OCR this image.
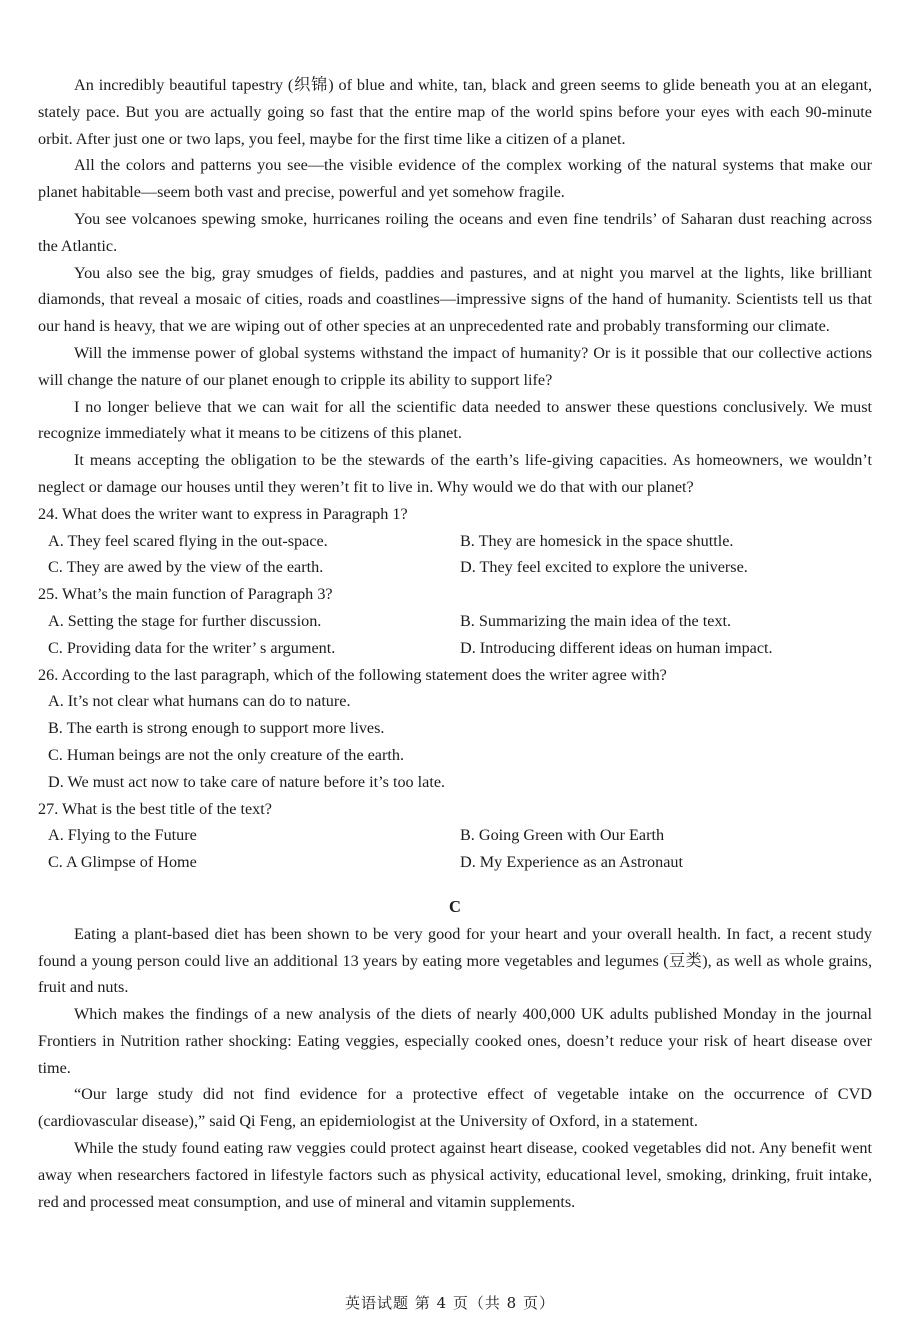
An incredibly beautiful tapestry (织锦) of blue and white, tan, black and green seems to glide beneath you at an elegant, stately pace. But you are actually going so fast that the entire map of the world spins before your eyes with each 90-minute orbit. After just one or two laps, you feel, maybe for the first time like a citizen of a planet.

All the colors and patterns you see—the visible evidence of the complex working of the natural systems that make our planet habitable—seem both vast and precise, powerful and yet somehow fragile.

You see volcanoes spewing smoke, hurricanes roiling the oceans and even fine tendrils’ of Saharan dust reaching across the Atlantic.

You also see the big, gray smudges of fields, paddies and pastures, and at night you marvel at the lights, like brilliant diamonds, that reveal a mosaic of cities, roads and coastlines—impressive signs of the hand of humanity. Scientists tell us that our hand is heavy, that we are wiping out of other species at an unprecedented rate and probably transforming our climate.

Will the immense power of global systems withstand the impact of humanity? Or is it possible that our collective actions will change the nature of our planet enough to cripple its ability to support life?

I no longer believe that we can wait for all the scientific data needed to answer these questions conclusively. We must recognize immediately what it means to be citizens of this planet.

It means accepting the obligation to be the stewards of the earth’s life-giving capacities. As homeowners, we wouldn’t neglect or damage our houses until they weren’t fit to live in. Why would we do that with our planet?

24. What does the writer want to express in Paragraph 1?

A. They feel scared flying in the out-space.	B. They are homesick in the space shuttle.
C. They are awed by the view of the earth.	D. They feel excited to explore the universe.

25. What’s the main function of Paragraph 3?

A. Setting the stage for further discussion.	B. Summarizing the main idea of the text.
C. Providing data for the writer’ s argument.	D. Introducing different ideas on human impact.

26. According to the last paragraph, which of the following statement does the writer agree with?

A. It’s not clear what humans can do to nature.

B. The earth is strong enough to support more lives.

C. Human beings are not the only creature of the earth.

D. We must act now to take care of nature before it’s too late.

27. What is the best title of the text?

A. Flying to the Future	B. Going Green with Our Earth
C. A Glimpse of Home	D. My Experience as an Astronaut

C

Eating a plant-based diet has been shown to be very good for your heart and your overall health. In fact, a recent study found a young person could live an additional 13 years by eating more vegetables and legumes (豆类), as well as whole grains, fruit and nuts.

Which makes the findings of a new analysis of the diets of nearly 400,000 UK adults published Monday in the journal Frontiers in Nutrition rather shocking: Eating veggies, especially cooked ones, doesn’t reduce your risk of heart disease over time.

“Our large study did not find evidence for a protective effect of vegetable intake on the occurrence of CVD (cardiovascular disease),” said Qi Feng, an epidemiologist at the University of Oxford, in a statement.

While the study found eating raw veggies could protect against heart disease, cooked vegetables did not. Any benefit went away when researchers factored in lifestyle factors such as physical activity, educational level, smoking, drinking, fruit intake, red and processed meat consumption, and use of mineral and vitamin supplements.

英语试题 第 4 页（共 8 页）
